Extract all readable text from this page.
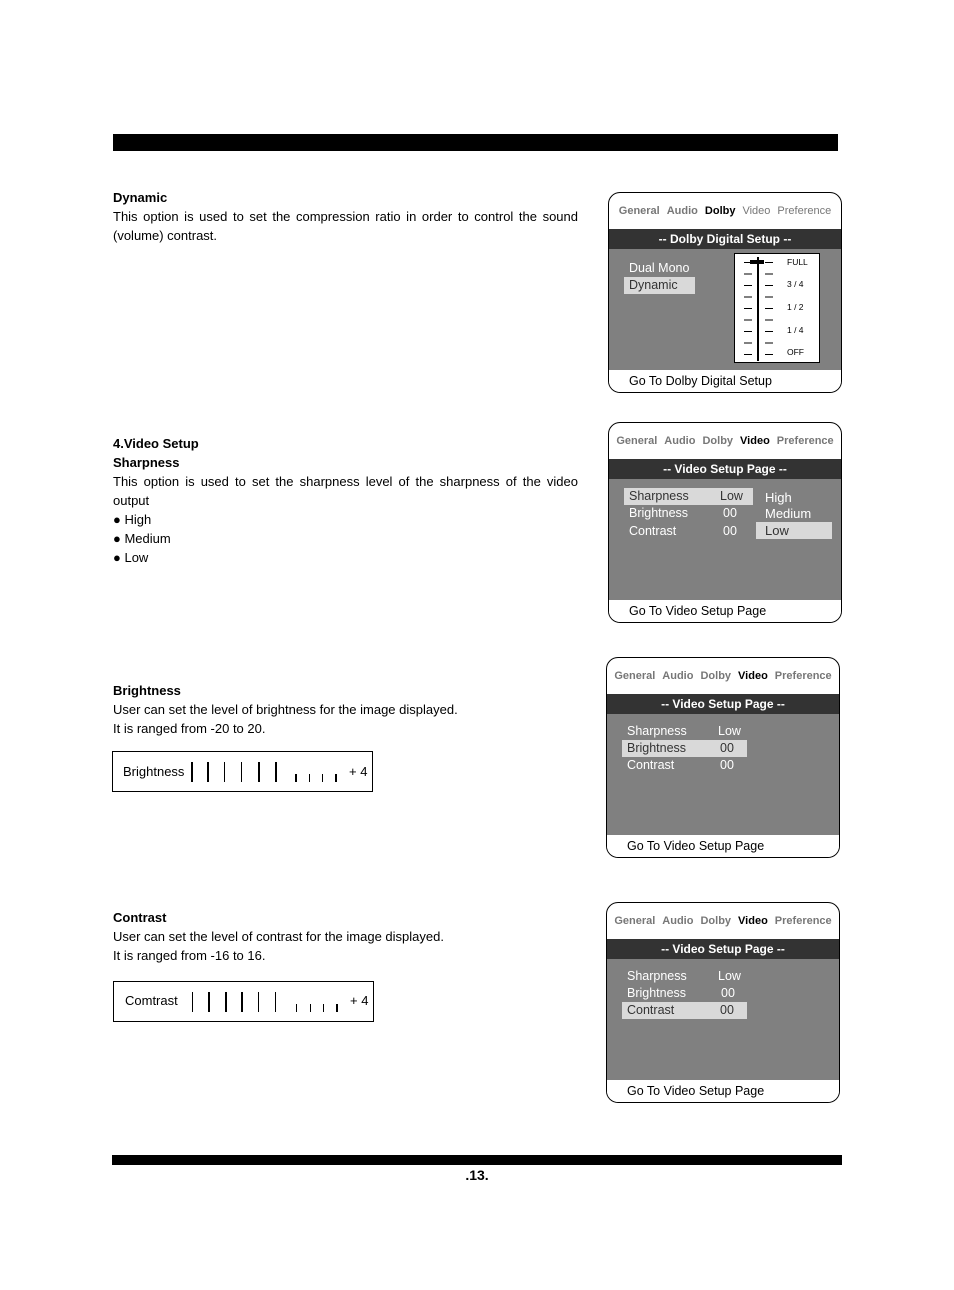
.13.
Dynamic

This option is used to set the compression ratio in order to control the sound (volume) contrast.

General Audio Dolby Video Preference
-- Dolby Digital Setup --
Dual Mono
Dynamic
FULL
3 / 4
1 / 2
1 / 4
OFF
Go To Dolby Digital Setup
4.Video Setup
Sharpness

This option is used to set the sharpness level of the sharpness of the video output

● High

● Medium

● Low

General Audio Dolby Video Preference
-- Video Setup Page --
Sharpness Low
Brightness	00
Contrast	00
High
Medium
Low
Go To Video Setup Page
Brightness

User can set the level of brightness for the image displayed.

It is ranged from -20 to 20.

Brightness	+ 4
General Audio Dolby Video Preference
-- Video Setup Page --
Sharpness Low
Brightness	00
Contrast	00
Go To Video Setup Page
Contrast

User can set the level of contrast for the image displayed.

It is ranged from -16 to 16.

Comtrast	+ 4
General Audio Dolby Video Preference
-- Video Setup Page --
Sharpness Low
Brightness	00
Contrast	00
Go To Video Setup Page
